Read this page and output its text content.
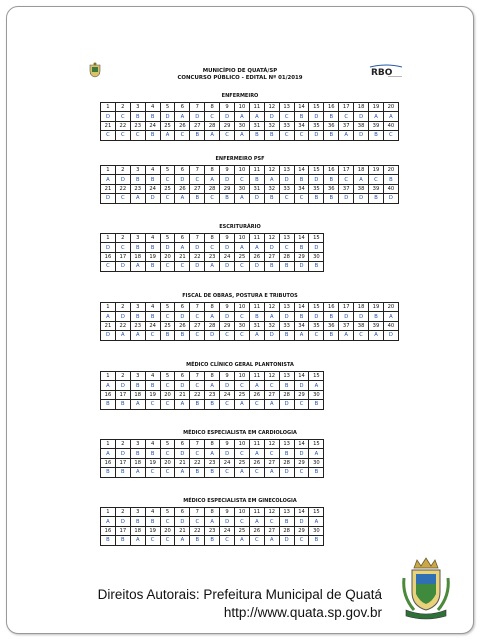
RBO
MUNICÍPIO DE QUATÁ/SP
CONCURSO PÚBLICO - EDITAL Nº 01/2019
ENFERMEIRO
1	2	3	4	5	6	7	8	9	10	11	12	13	14	15	16	17	18	19	20
D	C	B	B	D	A	D	C	D	A	A	D	C	B	D	B	C	D	A	A
21	22	23	24	25	26	27	28	29	30	31	32	33	34	35	36	37	38	39	40
C	C	C	B	A	C	B	A	C	A	B	B	C	C	D	B	A	D	B	C
ENFERMEIRO PSF
1	2	3	4	5	6	7	8	9	10	11	12	13	14	15	16	17	18	19	20
A	D	B	B	C	D	C	A	D	C	B	A	D	B	D	B	C	A	C	B
21	22	23	24	25	26	27	28	29	30	31	32	33	34	35	36	37	38	39	40
D	C	A	D	C	A	B	C	B	A	D	B	C	C	B	B	D	D	B	D
ESCRITURÁRIO
1	2	3	4	5	6	7	8	9	10	11	12	13	14	15
D	C	B	B	D	A	D	C	D	A	A	D	C	B	D
16	17	18	19	20	21	22	23	24	25	26	27	28	29	30
C	D	A	B	C	C	D	A	D	C	D	B	B	D	B
FISCAL DE OBRAS, POSTURA E TRIBUTOS
1	2	3	4	5	6	7	8	9	10	11	12	13	14	15	16	17	18	19	20
A	D	B	B	C	D	C	A	D	C	B	A	D	B	D	B	D	D	B	A
21	22	23	24	25	26	27	28	29	30	31	32	33	34	35	36	37	38	39	40
D	A	A	C	B	B	C	D	C	C	A	D	B	A	C	B	A	C	A	D
MÉDICO CLÍNICO GERAL PLANTONISTA
1	2	3	4	5	6	7	8	9	10	11	12	13	14	15
A	D	B	B	C	D	C	A	D	C	A	C	B	D	A
16	17	18	19	20	21	22	23	24	25	26	27	28	29	30
B	B	A	C	C	A	B	B	C	A	C	A	D	C	B
MÉDICO ESPECIALISTA EM CARDIOLOGIA
1	2	3	4	5	6	7	8	9	10	11	12	13	14	15
A	D	B	B	C	D	C	A	D	C	A	C	B	D	A
16	17	18	19	20	21	22	23	24	25	26	27	28	29	30
B	B	A	C	C	A	B	B	C	A	C	A	D	C	B
MÉDICO ESPECIALISTA EM GINECOLOGIA
1	2	3	4	5	6	7	8	9	10	11	12	13	14	15
A	D	B	B	C	D	C	A	D	C	A	C	B	D	A
16	17	18	19	20	21	22	23	24	25	26	27	28	29	30
B	B	A	C	C	A	B	B	C	A	C	A	D	C	B
Direitos Autorais: Prefeitura Municipal de Quatá
http://www.quata.sp.gov.br
